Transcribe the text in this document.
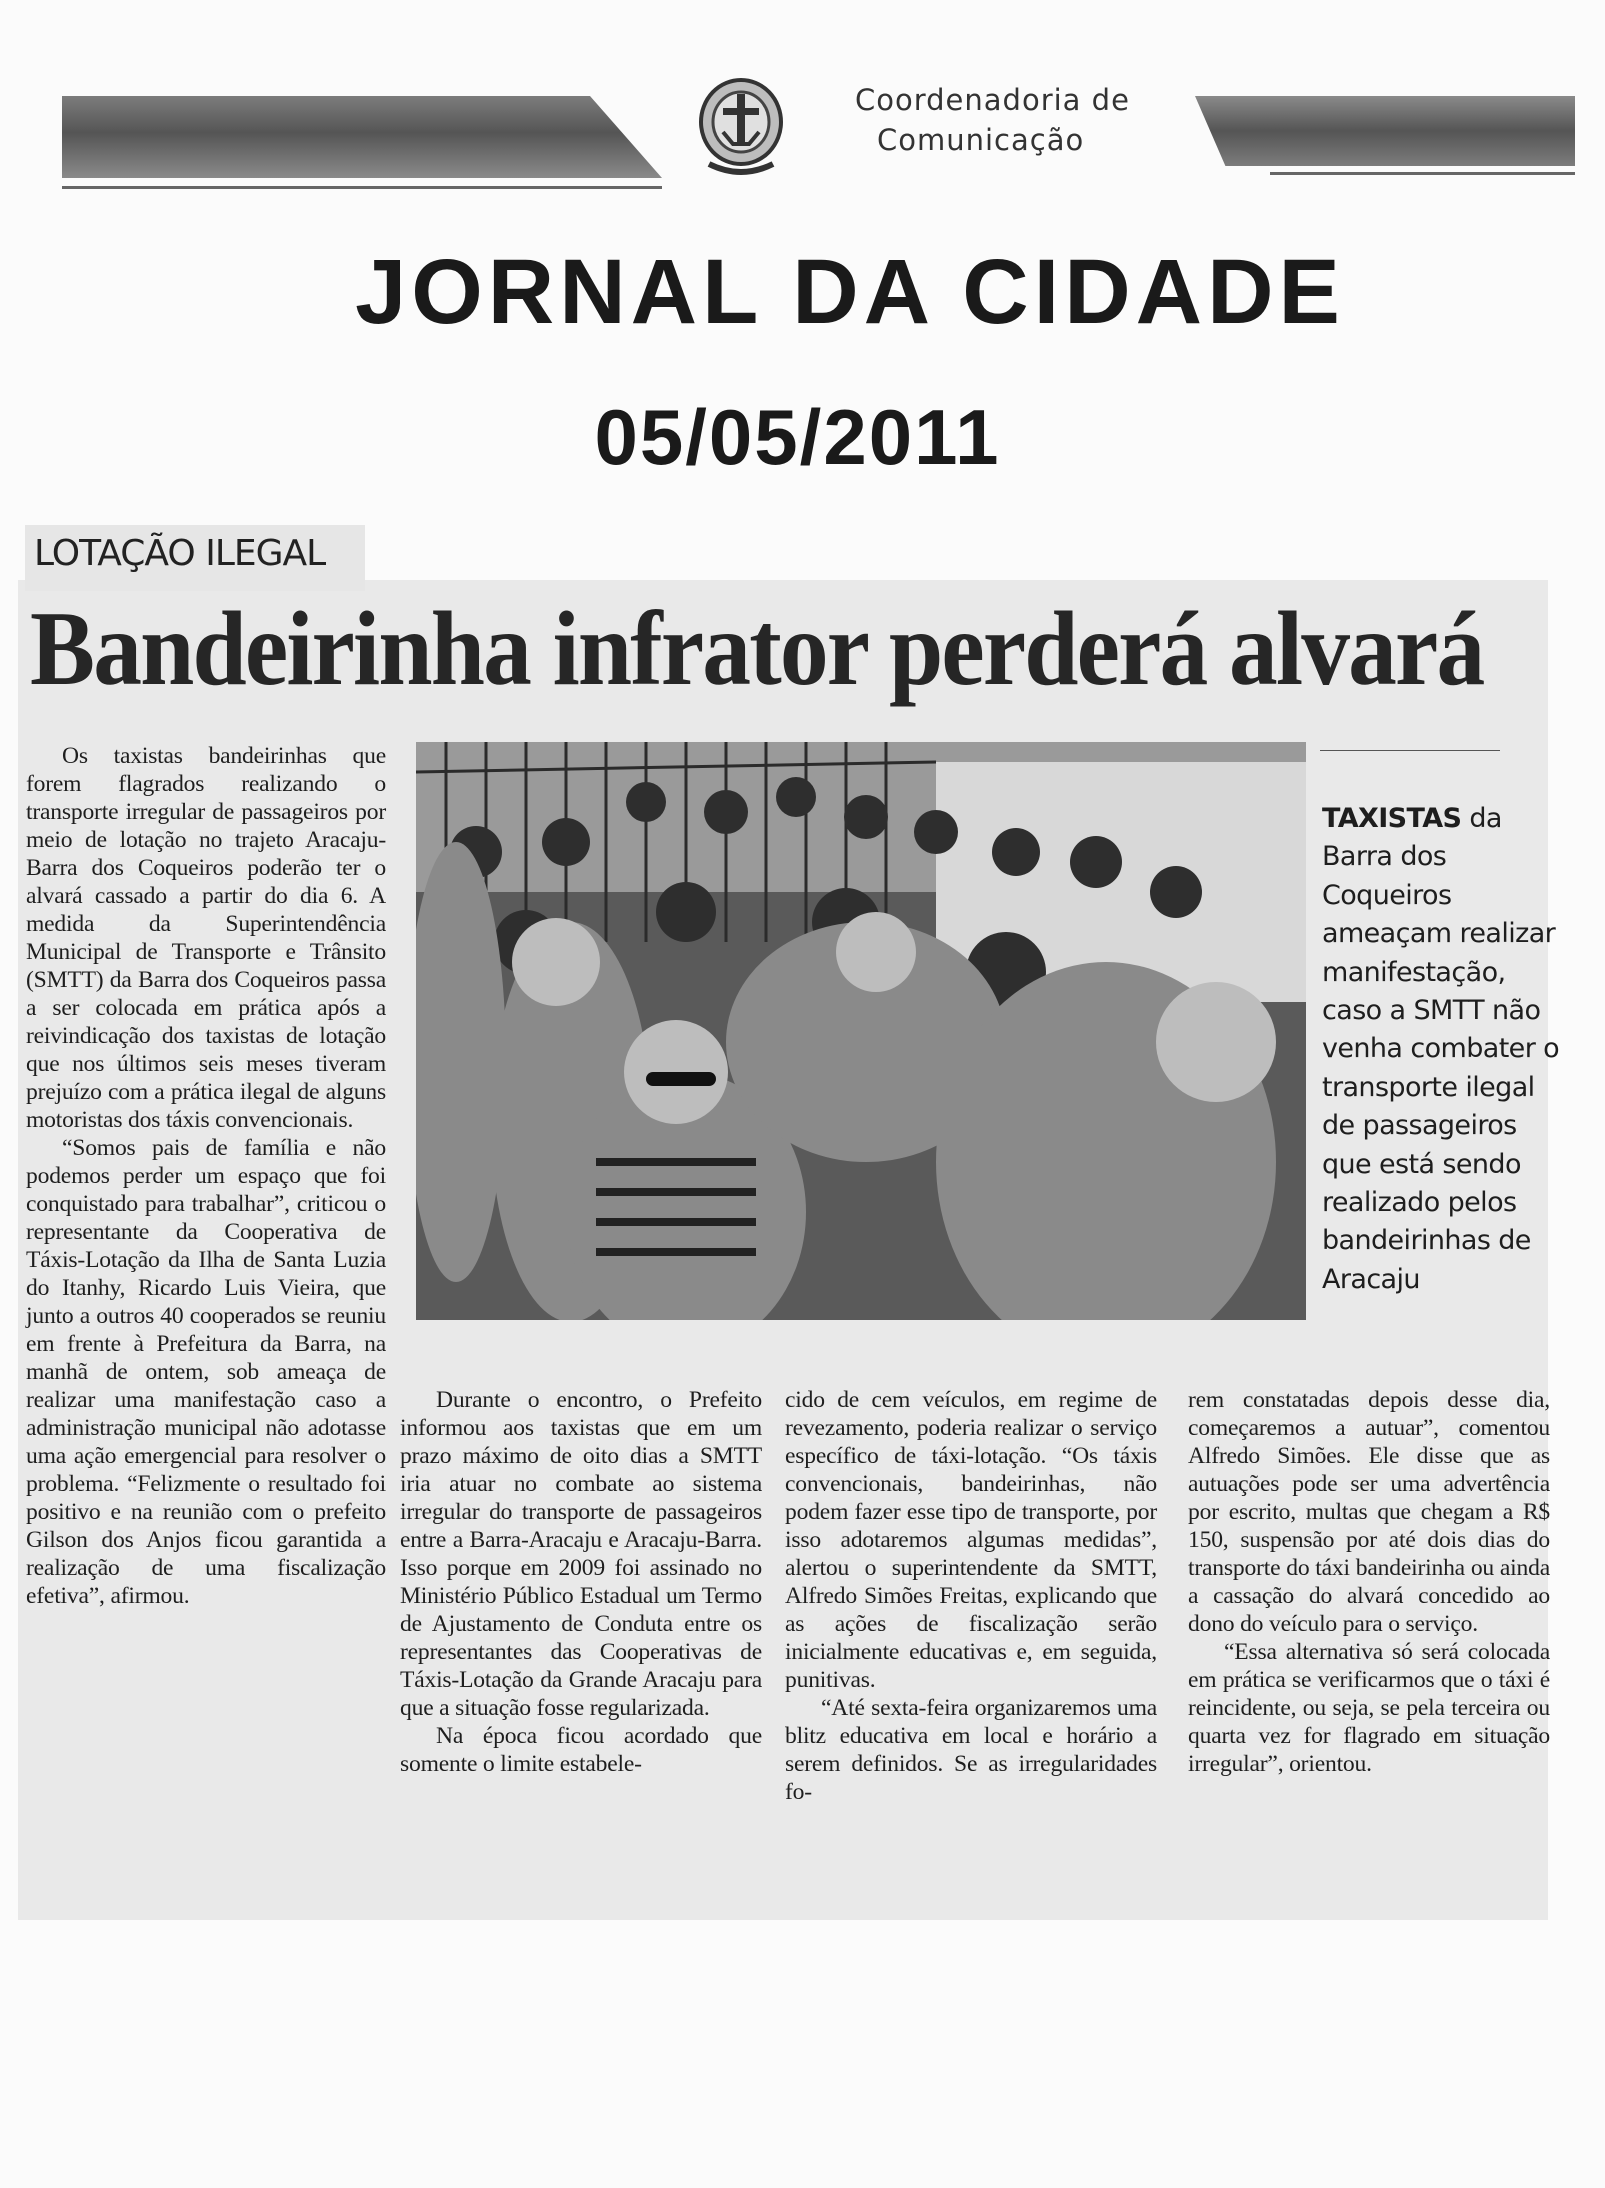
Coordenadoria de
Comunicação
JORNAL DA CIDADE
05/05/2011
LOTAÇÃO ILEGAL
Bandeirinha infrator perderá alvará
TAXISTAS da Barra dos Coqueiros ameaçam realizar manifestação, caso a SMTT não venha combater o transporte ilegal de passageiros que está sendo realizado pelos bandeirinhas de Aracaju

Os taxistas bandeirinhas que forem flagrados realizando o transporte irregular de passageiros por meio de lotação no trajeto Aracaju-Barra dos Coqueiros poderão ter o alvará cassado a partir do dia 6. A medida da Superintendência Municipal de Transporte e Trânsito (SMTT) da Barra dos Coqueiros passa a ser colocada em prática após a reivindicação dos taxistas de lotação que nos últimos seis meses tiveram prejuízo com a prática ilegal de alguns motoristas dos táxis convencionais.

“Somos pais de família e não podemos perder um espaço que foi conquistado para trabalhar”, criticou o representante da Cooperativa de Táxis-Lotação da Ilha de Santa Luzia do Itanhy, Ricardo Luis Vieira, que junto a outros 40 cooperados se reuniu em frente à Prefeitura da Barra, na manhã de ontem, sob ameaça de realizar uma manifestação caso a administração municipal não adotasse uma ação emergencial para resolver o problema. “Felizmente o resultado foi positivo e na reunião com o prefeito Gilson dos Anjos ficou garantida a realização de uma fiscalização efetiva”, afirmou.

Durante o encontro, o Prefeito informou aos taxistas que em um prazo máximo de oito dias a SMTT iria atuar no combate ao sistema irregular do transporte de passageiros entre a Barra-Aracaju e Aracaju-Barra. Isso porque em 2009 foi assinado no Ministério Público Estadual um Termo de Ajustamento de Conduta entre os representantes das Cooperativas de Táxis-Lotação da Grande Aracaju para que a situação fosse regularizada.

Na época ficou acordado que somente o limite estabele-

cido de cem veículos, em regime de revezamento, poderia realizar o serviço específico de táxi-lotação. “Os táxis convencionais, bandeirinhas, não podem fazer esse tipo de transporte, por isso adotaremos algumas medidas”, alertou o superintendente da SMTT, Alfredo Simões Freitas, explicando que as ações de fiscalização serão inicialmente educativas e, em seguida, punitivas.

“Até sexta-feira organizaremos uma blitz educativa em local e horário a serem definidos. Se as irregularidades fo-

rem constatadas depois desse dia, começaremos a autuar”, comentou Alfredo Simões. Ele disse que as autuações pode ser uma advertência por escrito, multas que chegam a R$ 150, suspensão por até dois dias do transporte do táxi bandeirinha ou ainda a cassação do alvará concedido ao dono do veículo para o serviço.

“Essa alternativa só será colocada em prática se verificarmos que o táxi é reincidente, ou seja, se pela terceira ou quarta vez for flagrado em situação irregular”, orientou.
